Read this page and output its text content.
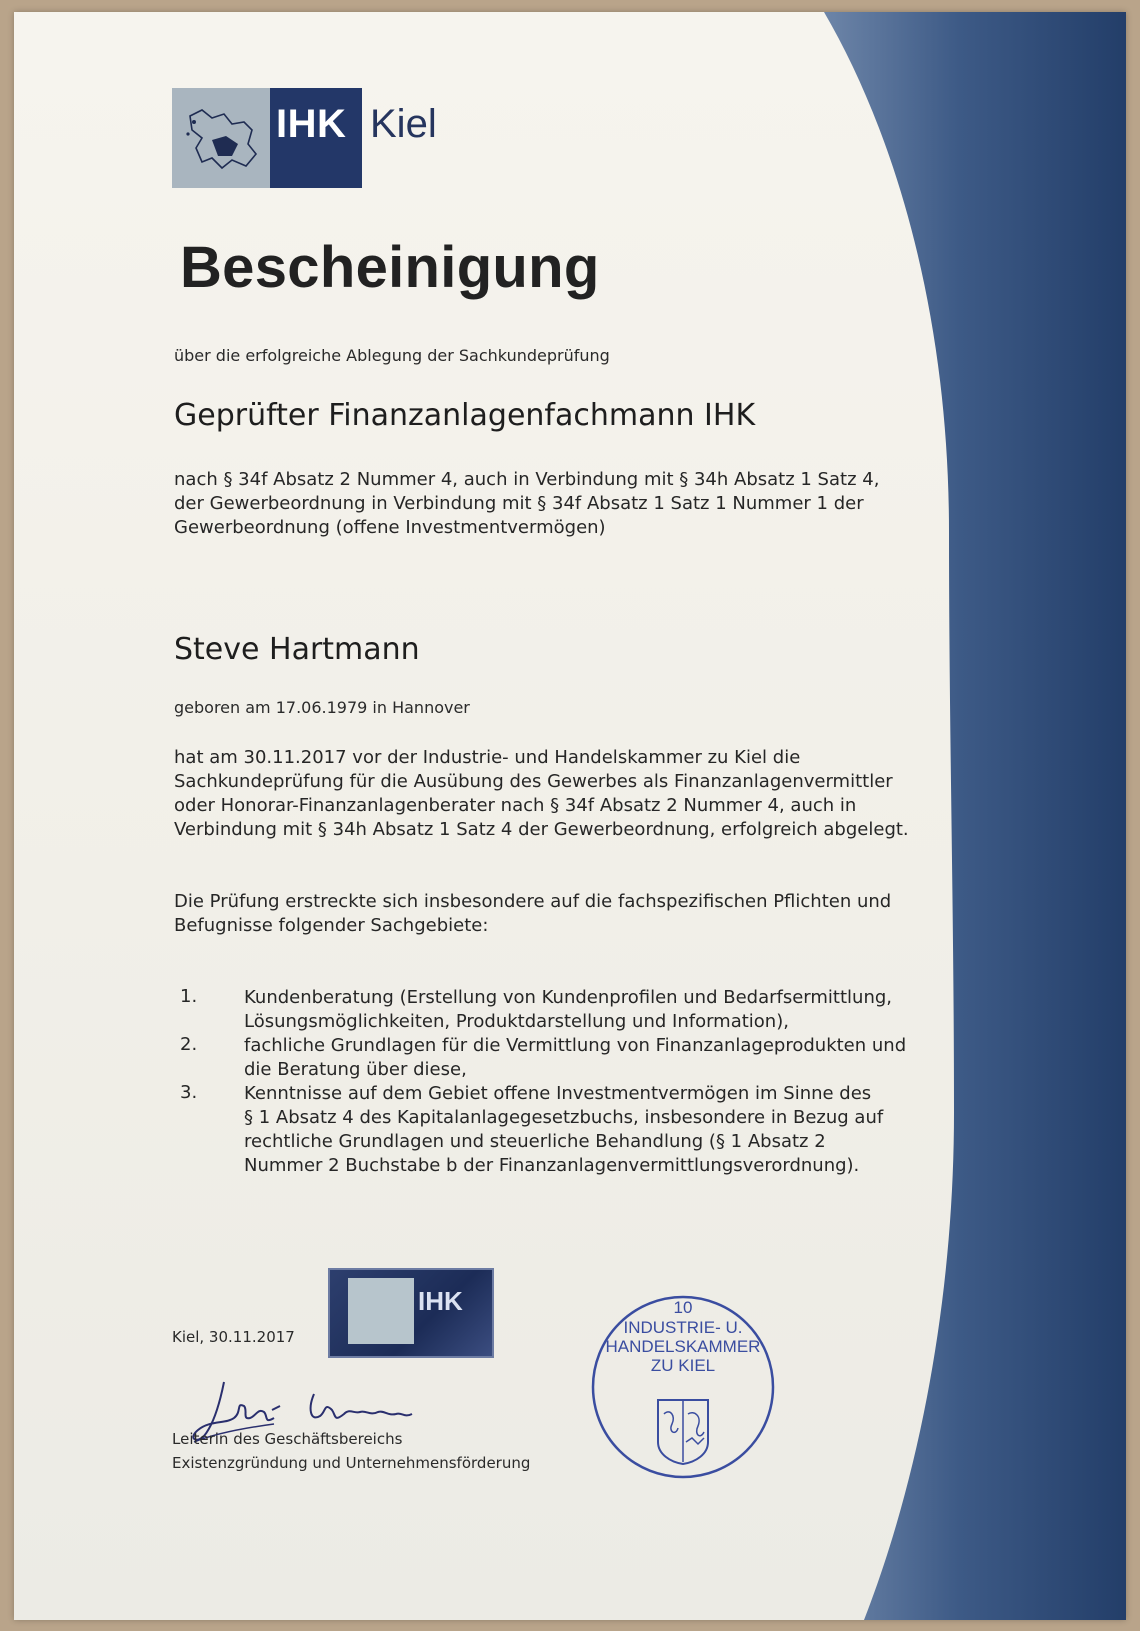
IHK Kiel
Bescheinigung
über die erfolgreiche Ablegung der Sachkundeprüfung
Geprüfter Finanzanlagenfachmann IHK
nach § 34f Absatz 2 Nummer 4, auch in Verbindung mit § 34h Absatz 1 Satz 4,
der Gewerbeordnung in Verbindung mit § 34f Absatz 1 Satz 1 Nummer 1 der
Gewerbeordnung (offene Investmentvermögen)
Steve Hartmann
geboren am 17.06.1979 in Hannover
hat am 30.11.2017 vor der Industrie- und Handelskammer zu Kiel die
Sachkundeprüfung für die Ausübung des Gewerbes als Finanzanlagenvermittler
oder Honorar-Finanzanlagenberater nach § 34f Absatz 2 Nummer 4, auch in
Verbindung mit § 34h Absatz 1 Satz 4 der Gewerbeordnung, erfolgreich abgelegt.
Die Prüfung erstreckte sich insbesondere auf die fachspezifischen Pflichten und
Befugnisse folgender Sachgebiete:
1.	Kundenberatung (Erstellung von Kundenprofilen und Bedarfsermittlung,
Lösungsmöglichkeiten, Produktdarstellung und Information),
2.	fachliche Grundlagen für die Vermittlung von Finanzanlageprodukten und
die Beratung über diese,
3.	Kenntnisse auf dem Gebiet offene Investmentvermögen im Sinne des
§ 1 Absatz 4 des Kapitalanlagegesetzbuchs, insbesondere in Bezug auf
rechtliche Grundlagen und steuerliche Behandlung (§ 1 Absatz 2
Nummer 2 Buchstabe b der Finanzanlagenvermittlungsverordnung).
IHK
Kiel, 30.11.2017
Leiterin des Geschäftsbereichs
Existenzgründung und Unternehmensförderung
10
INDUSTRIE- U.
HANDELSKAMMER
ZU KIEL
